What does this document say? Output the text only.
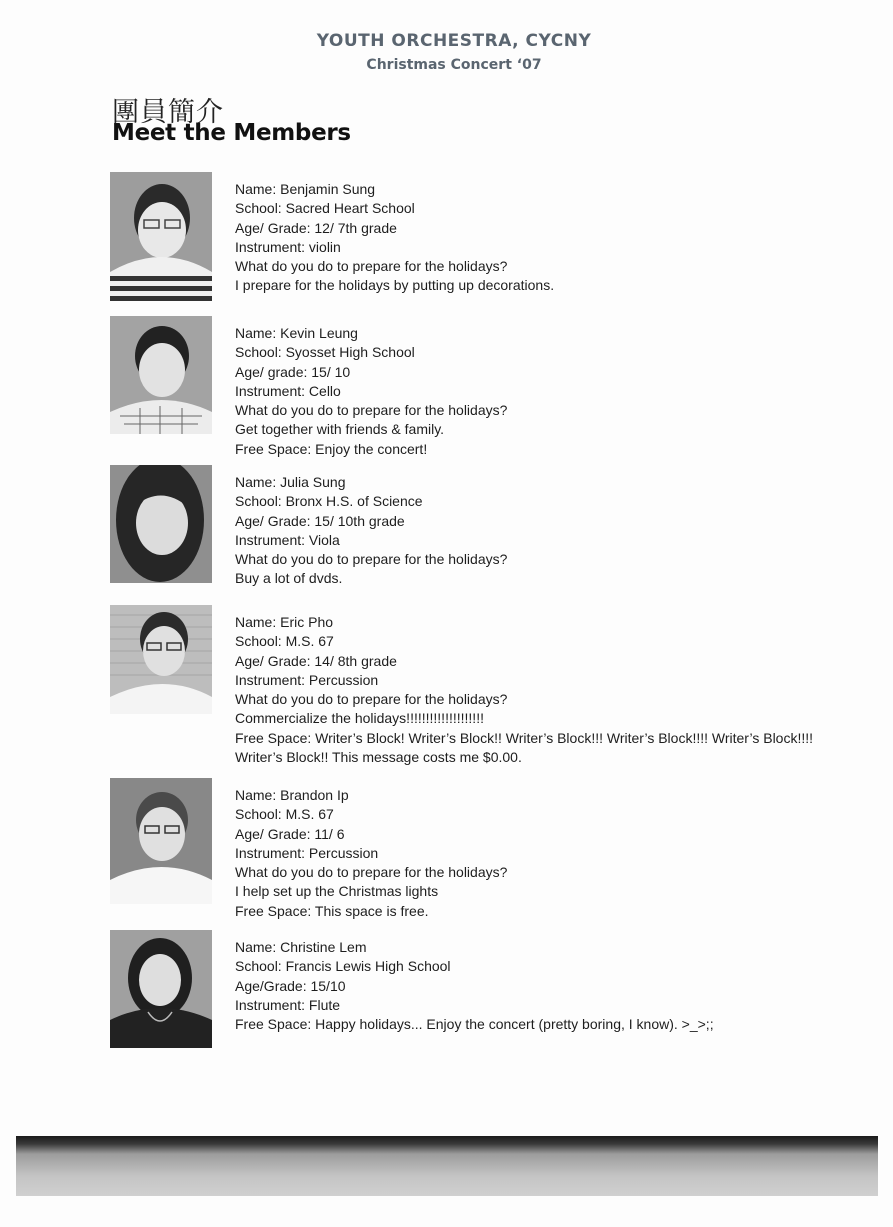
YOUTH ORCHESTRA, CYCNY
Christmas Concert ‘07
團員簡介
Meet the Members
Name: Benjamin Sung
School: Sacred Heart School
Age/ Grade: 12/ 7th grade
Instrument: violin
What do you do to prepare for the holidays?
I prepare for the holidays by putting up decorations.
Name: Kevin Leung
School: Syosset High School
Age/ grade: 15/ 10
Instrument: Cello
What do you do to prepare for the holidays?
Get together with friends & family.
Free Space: Enjoy the concert!
Name: Julia Sung
School: Bronx H.S. of Science
Age/ Grade: 15/ 10th grade
Instrument: Viola
What do you do to prepare for the holidays?
Buy a lot of dvds.
Name: Eric Pho
School: M.S. 67
Age/ Grade: 14/ 8th grade
Instrument: Percussion
What do you do to prepare for the holidays?
Commercialize the holidays!!!!!!!!!!!!!!!!!!!!
Free Space: Writer’s Block! Writer’s Block!! Writer’s Block!!! Writer’s Block!!!! Writer’s Block!!!! Writer’s Block!! This message costs me $0.00.
Name: Brandon Ip
School: M.S. 67
Age/ Grade: 11/ 6
Instrument: Percussion
What do you do to prepare for the holidays?
I help set up the Christmas lights
Free Space: This space is free.
Name: Christine Lem
School: Francis Lewis High School
Age/Grade: 15/10
Instrument: Flute
Free Space: Happy holidays... Enjoy the concert (pretty boring, I know). >_>;;
